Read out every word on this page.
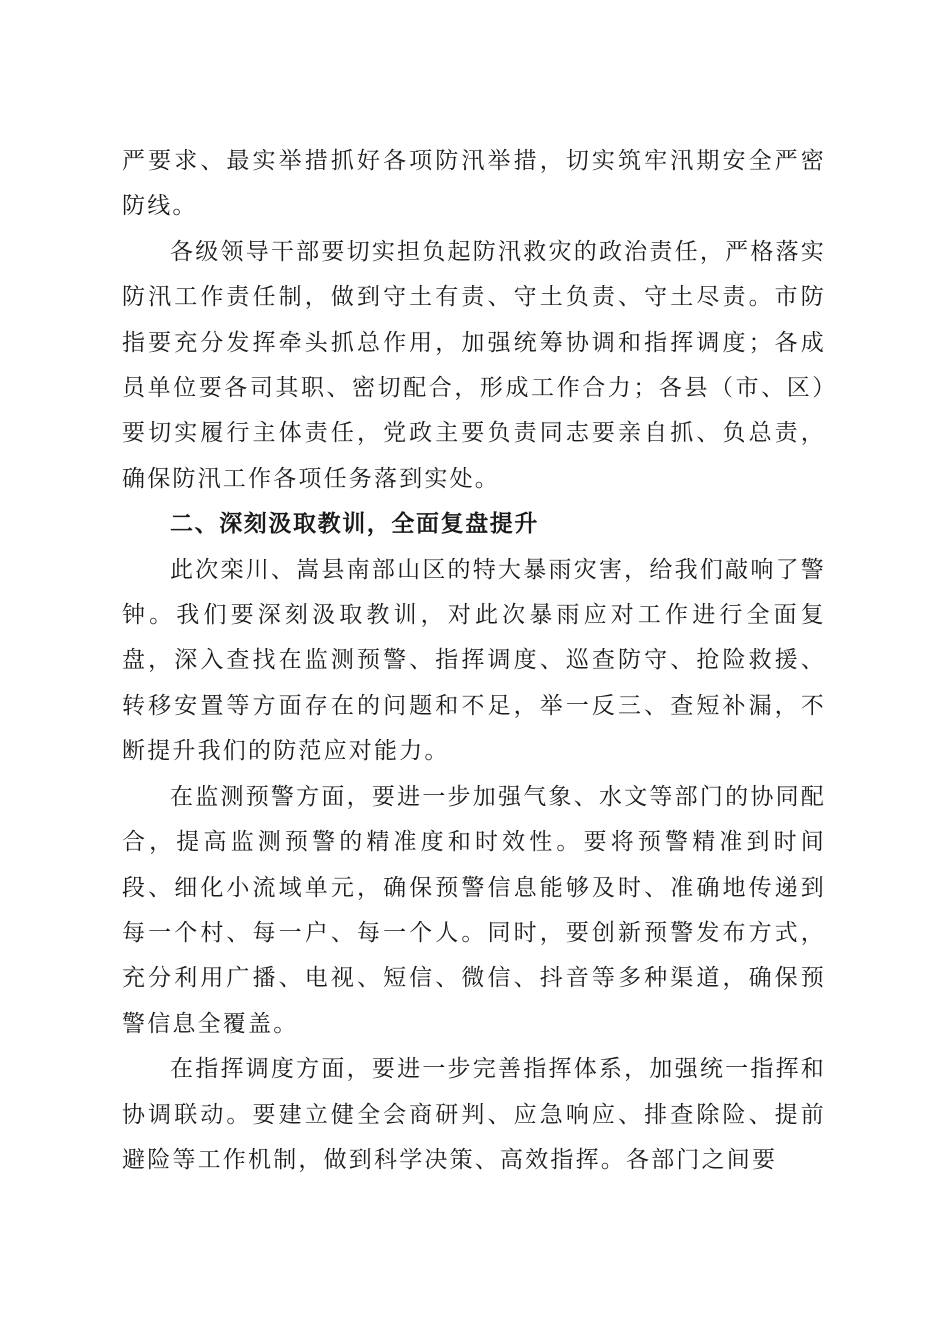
严要求、最实举措抓好各项防汛举措，切实筑牢汛期安全严密防线。

各级领导干部要切实担负起防汛救灾的政治责任，严格落实防汛工作责任制，做到守土有责、守土负责、守土尽责。市防指要充分发挥牵头抓总作用，加强统筹协调和指挥调度；各成员单位要各司其职、密切配合，形成工作合力；各县（市、区）要切实履行主体责任，党政主要负责同志要亲自抓、负总责，确保防汛工作各项任务落到实处。

二、深刻汲取教训，全面复盘提升

此次栾川、嵩县南部山区的特大暴雨灾害，给我们敲响了警钟。我们要深刻汲取教训，对此次暴雨应对工作进行全面复盘，深入查找在监测预警、指挥调度、巡查防守、抢险救援、转移安置等方面存在的问题和不足，举一反三、查短补漏，不断提升我们的防范应对能力。

在监测预警方面，要进一步加强气象、水文等部门的协同配合，提高监测预警的精准度和时效性。要将预警精准到时间段、细化小流域单元，确保预警信息能够及时、准确地传递到每一个村、每一户、每一个人。同时，要创新预警发布方式，充分利用广播、电视、短信、微信、抖音等多种渠道，确保预警信息全覆盖。

在指挥调度方面，要进一步完善指挥体系，加强统一指挥和协调联动。要建立健全会商研判、应急响应、排查除险、提前避险等工作机制，做到科学决策、高效指挥。各部门之间要
